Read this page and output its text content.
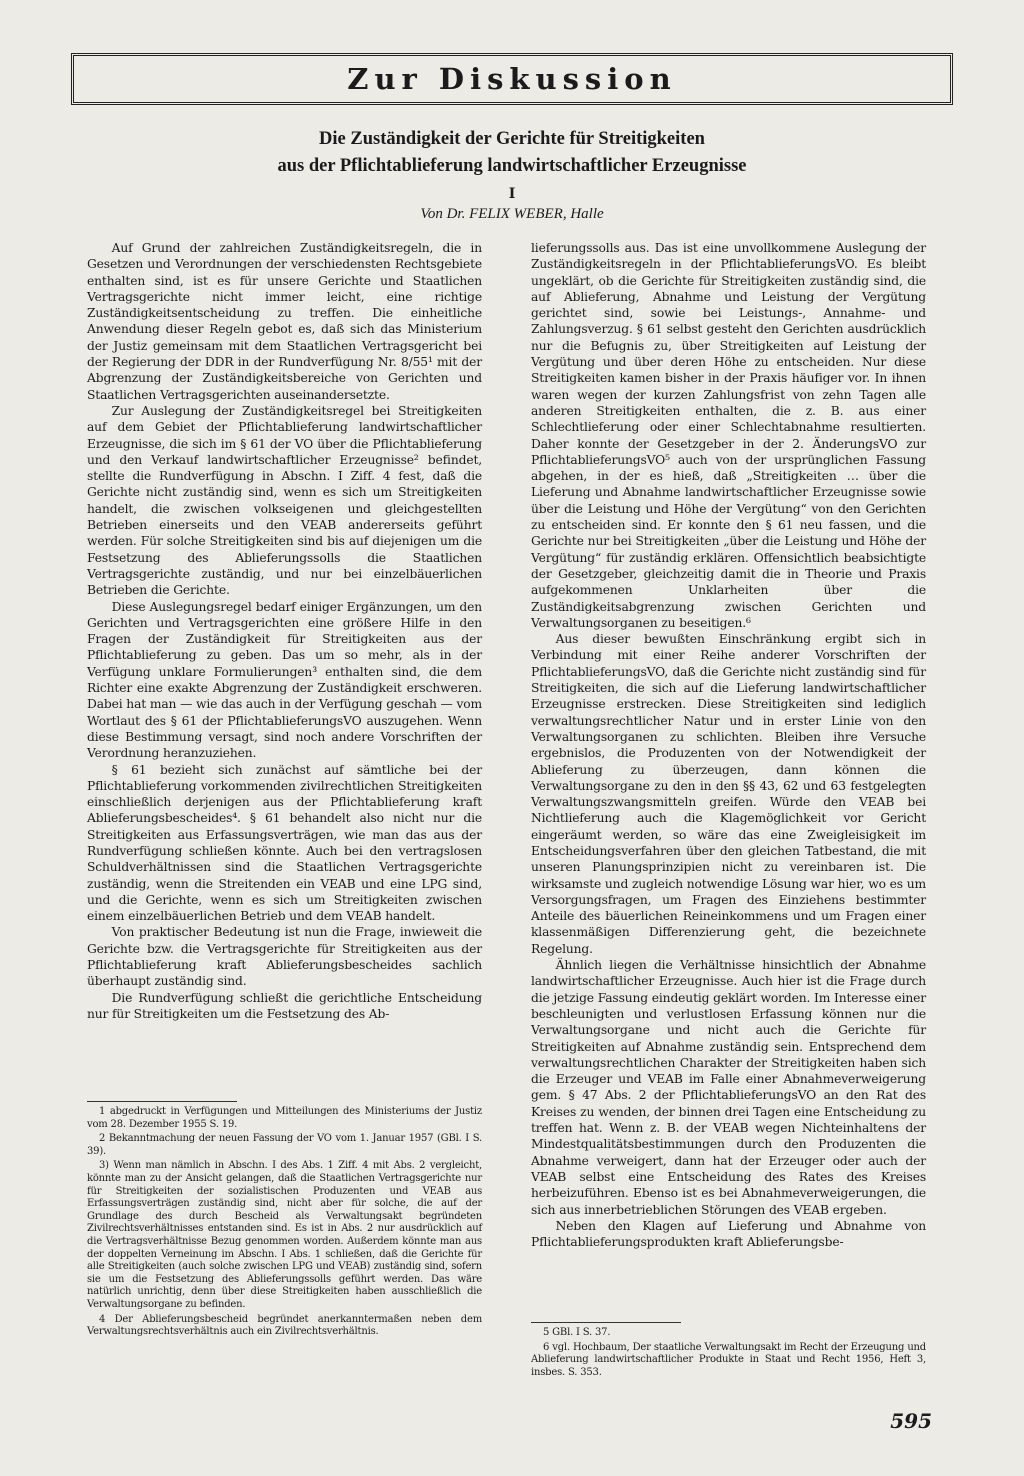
Zur Diskussion
Die Zuständigkeit der Gerichte für Streitigkeiten
aus der Pflichtablieferung landwirtschaftlicher Erzeugnisse
I
Von Dr. FELIX WEBER, Halle

Auf Grund der zahlreichen Zuständigkeitsregeln, die in Gesetzen und Verordnungen der verschiedensten Rechtsgebiete enthalten sind, ist es für unsere Gerichte und Staatlichen Vertragsgerichte nicht immer leicht, eine richtige Zuständigkeitsentscheidung zu treffen. Die einheitliche Anwendung dieser Regeln gebot es, daß sich das Ministerium der Justiz gemeinsam mit dem Staatlichen Vertragsgericht bei der Regierung der DDR in der Rundverfügung Nr. 8/55¹ mit der Abgrenzung der Zuständigkeitsbereiche von Gerichten und Staatlichen Vertragsgerichten auseinandersetzte.

Zur Auslegung der Zuständigkeitsregel bei Streitigkeiten auf dem Gebiet der Pflichtablieferung landwirtschaftlicher Erzeugnisse, die sich im § 61 der VO über die Pflichtablieferung und den Verkauf landwirtschaftlicher Erzeugnisse² befindet, stellte die Rundverfügung in Abschn. I Ziff. 4 fest, daß die Gerichte nicht zuständig sind, wenn es sich um Streitigkeiten handelt, die zwischen volkseigenen und gleichgestellten Betrieben einerseits und den VEAB andererseits geführt werden. Für solche Streitigkeiten sind bis auf diejenigen um die Festsetzung des Ablieferungssolls die Staatlichen Vertragsgerichte zuständig, und nur bei einzelbäuerlichen Betrieben die Gerichte.

Diese Auslegungsregel bedarf einiger Ergänzungen, um den Gerichten und Vertragsgerichten eine größere Hilfe in den Fragen der Zuständigkeit für Streitigkeiten aus der Pflichtablieferung zu geben. Das um so mehr, als in der Verfügung unklare Formulierungen³ enthalten sind, die dem Richter eine exakte Abgrenzung der Zuständigkeit erschweren. Dabei hat man — wie das auch in der Verfügung geschah — vom Wortlaut des § 61 der PflichtablieferungsVO auszugehen. Wenn diese Bestimmung versagt, sind noch andere Vorschriften der Verordnung heranzuziehen.

§ 61 bezieht sich zunächst auf sämtliche bei der Pflichtablieferung vorkommenden zivilrechtlichen Streitigkeiten einschließlich derjenigen aus der Pflichtablieferung kraft Ablieferungsbescheides⁴. § 61 behandelt also nicht nur die Streitigkeiten aus Erfassungsverträgen, wie man das aus der Rundverfügung schließen könnte. Auch bei den vertragslosen Schuldverhältnissen sind die Staatlichen Vertragsgerichte zuständig, wenn die Streitenden ein VEAB und eine LPG sind, und die Gerichte, wenn es sich um Streitigkeiten zwischen einem einzelbäuerlichen Betrieb und dem VEAB handelt.

Von praktischer Bedeutung ist nun die Frage, inwieweit die Gerichte bzw. die Vertragsgerichte für Streitigkeiten aus der Pflichtablieferung kraft Ablieferungsbescheides sachlich überhaupt zuständig sind.

Die Rundverfügung schließt die gerichtliche Entscheidung nur für Streitigkeiten um die Festsetzung des Ab-

lieferungssolls aus. Das ist eine unvollkommene Auslegung der Zuständigkeitsregeln in der PflichtablieferungsVO. Es bleibt ungeklärt, ob die Gerichte für Streitigkeiten zuständig sind, die auf Ablieferung, Abnahme und Leistung der Vergütung gerichtet sind, sowie bei Leistungs-, Annahme- und Zahlungsverzug. § 61 selbst gesteht den Gerichten ausdrücklich nur die Befugnis zu, über Streitigkeiten auf Leistung der Vergütung und über deren Höhe zu entscheiden. Nur diese Streitigkeiten kamen bisher in der Praxis häufiger vor. In ihnen waren wegen der kurzen Zahlungsfrist von zehn Tagen alle anderen Streitigkeiten enthalten, die z. B. aus einer Schlechtlieferung oder einer Schlechtabnahme resultierten. Daher konnte der Gesetzgeber in der 2. ÄnderungsVO zur PflichtablieferungsVO⁵ auch von der ursprünglichen Fassung abgehen, in der es hieß, daß „Streitigkeiten … über die Lieferung und Abnahme landwirtschaftlicher Erzeugnisse sowie über die Leistung und Höhe der Vergütung“ von den Gerichten zu entscheiden sind. Er konnte den § 61 neu fassen, und die Gerichte nur bei Streitigkeiten „über die Leistung und Höhe der Vergütung“ für zuständig erklären. Offensichtlich beabsichtigte der Gesetzgeber, gleichzeitig damit die in Theorie und Praxis aufgekommenen Unklarheiten über die Zuständigkeitsabgrenzung zwischen Gerichten und Verwaltungsorganen zu beseitigen.⁶

Aus dieser bewußten Einschränkung ergibt sich in Verbindung mit einer Reihe anderer Vorschriften der PflichtablieferungsVO, daß die Gerichte nicht zuständig sind für Streitigkeiten, die sich auf die Lieferung landwirtschaftlicher Erzeugnisse erstrecken. Diese Streitigkeiten sind lediglich verwaltungsrechtlicher Natur und in erster Linie von den Verwaltungsorganen zu schlichten. Bleiben ihre Versuche ergebnislos, die Produzenten von der Notwendigkeit der Ablieferung zu überzeugen, dann können die Verwaltungsorgane zu den in den §§ 43, 62 und 63 festgelegten Verwaltungszwangsmitteln greifen. Würde den VEAB bei Nichtlieferung auch die Klagemöglichkeit vor Gericht eingeräumt werden, so wäre das eine Zweigleisigkeit im Entscheidungsverfahren über den gleichen Tatbestand, die mit unseren Planungsprinzipien nicht zu vereinbaren ist. Die wirksamste und zugleich notwendige Lösung war hier, wo es um Versorgungsfragen, um Fragen des Einziehens bestimmter Anteile des bäuerlichen Reineinkommens und um Fragen einer klassenmäßigen Differenzierung geht, die bezeichnete Regelung.

Ähnlich liegen die Verhältnisse hinsichtlich der Abnahme landwirtschaftlicher Erzeugnisse. Auch hier ist die Frage durch die jetzige Fassung eindeutig geklärt worden. Im Interesse einer beschleunigten und verlustlosen Erfassung können nur die Verwaltungsorgane und nicht auch die Gerichte für Streitigkeiten auf Abnahme zuständig sein. Entsprechend dem verwaltungsrechtlichen Charakter der Streitigkeiten haben sich die Erzeuger und VEAB im Falle einer Abnahmeverweigerung gem. § 47 Abs. 2 der PflichtablieferungsVO an den Rat des Kreises zu wenden, der binnen drei Tagen eine Entscheidung zu treffen hat. Wenn z. B. der VEAB wegen Nichteinhaltens der Mindestqualitätsbestimmungen durch den Produzenten die Abnahme verweigert, dann hat der Erzeuger oder auch der VEAB selbst eine Entscheidung des Rates des Kreises herbeizuführen. Ebenso ist es bei Abnahmeverweigerungen, die sich aus innerbetrieblichen Störungen des VEAB ergeben.

Neben den Klagen auf Lieferung und Abnahme von Pflichtablieferungsprodukten kraft Ablieferungsbe-

1 abgedruckt in Verfügungen und Mitteilungen des Ministeriums der Justiz vom 28. Dezember 1955 S. 19.

2 Bekanntmachung der neuen Fassung der VO vom 1. Januar 1957 (GBl. I S. 39).

3) Wenn man nämlich in Abschn. I des Abs. 1 Ziff. 4 mit Abs. 2 vergleicht, könnte man zu der Ansicht gelangen, daß die Staatlichen Vertragsgerichte nur für Streitigkeiten der sozialistischen Produzenten und VEAB aus Erfassungsverträgen zuständig sind, nicht aber für solche, die auf der Grundlage des durch Bescheid als Verwaltungsakt begründeten Zivilrechtsverhältnisses entstanden sind. Es ist in Abs. 2 nur ausdrücklich auf die Vertragsverhältnisse Bezug genommen worden. Außerdem könnte man aus der doppelten Verneinung im Abschn. I Abs. 1 schließen, daß die Gerichte für alle Streitigkeiten (auch solche zwischen LPG und VEAB) zuständig sind, sofern sie um die Festsetzung des Ablieferungssolls geführt werden. Das wäre natürlich unrichtig, denn über diese Streitigkeiten haben ausschließlich die Verwaltungsorgane zu befinden.

4 Der Ablieferungsbescheid begründet anerkanntermaßen neben dem Verwaltungsrechtsverhältnis auch ein Zivilrechtsverhältnis.	5 GBl. I S. 37.

6 vgl. Hochbaum, Der staatliche Verwaltungsakt im Recht der Erzeugung und Ablieferung landwirtschaftlicher Produkte in Staat und Recht 1956, Heft 3, insbes. S. 353.

595
